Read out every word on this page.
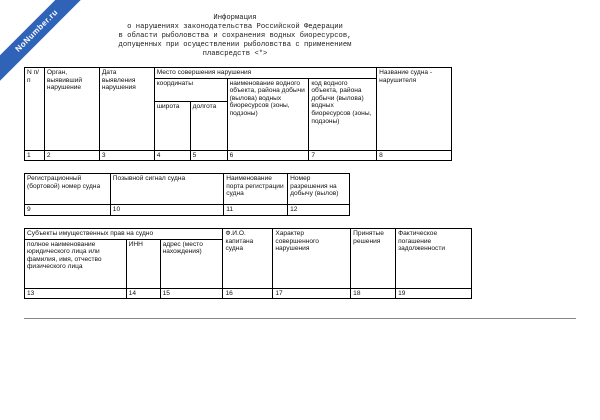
NoNumber.ru	Информация
о нарушениях законодательства Российской Федерации
в области рыболовства и сохранения водных биоресурсов,
допущенных при осуществлении рыболовства с применением
плавсредств <*>
N п/п	Орган, выявивший нарушение	Дата выявления нарушения	Место совершения нарушения				Название судна - нарушителя
			координаты		наименование водного объекта, района добычи (вылова) водных биоресурсов (зоны, подзоны)	код водного объекта, района добычи (вылова) водных биоресурсов (зоны, подзоны)	
			широта	долгота			
1	2	3	4	5	6	7	8
Регистрационный (бортовой) номер судна	Позывной сигнал судна	Наименование порта регистрации судна	Номер разрешения на добычу (вылов)
9	10	11	12
Субъекты имущественных прав на судно			Ф.И.О. капитана судна	Характер совершенного нарушения	Принятые решения	Фактическое погашение задолженности
полное наименование юридического лица или фамилия, имя, отчество физического лица	ИНН	адрес (место нахождения)				
13	14	15	16	17	18	19
